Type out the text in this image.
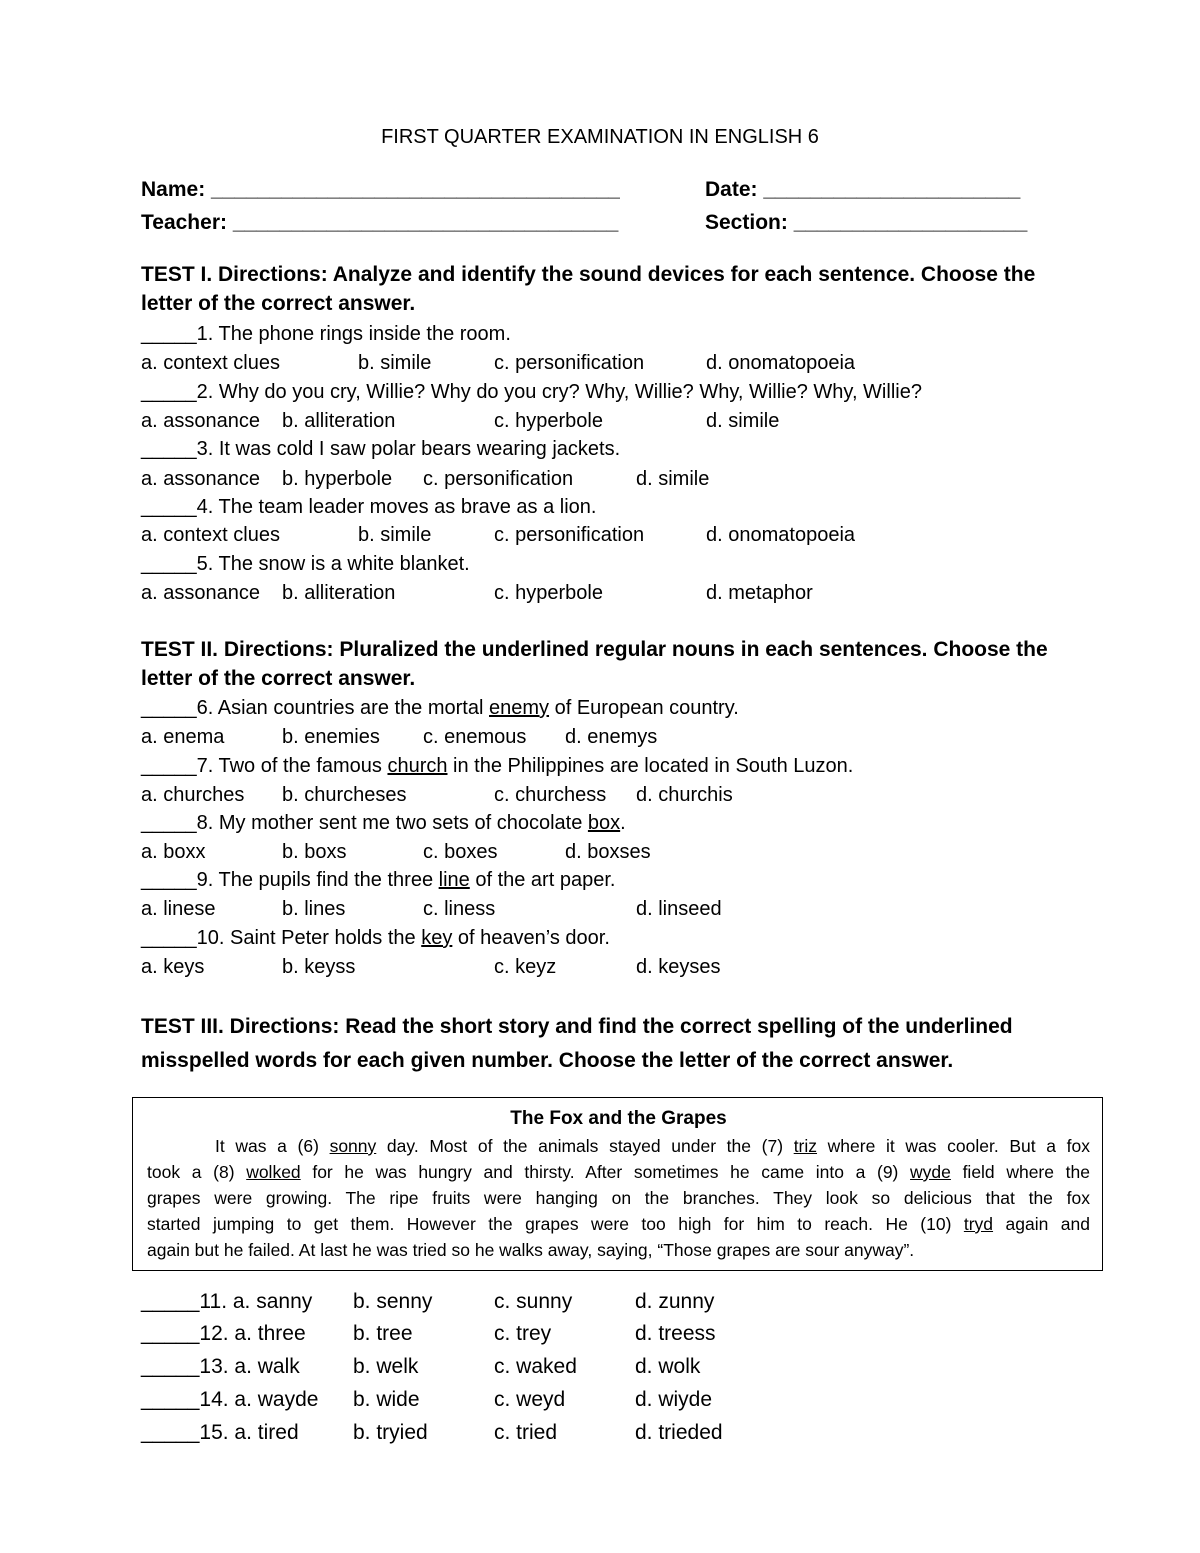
FIRST QUARTER EXAMINATION IN ENGLISH 6
Name: ___________________________________	Date: ______________________
Teacher: _________________________________	Section: ____________________
TEST I. Directions: Analyze and identify the sound devices for each sentence. Choose the
letter of the correct answer.
_____1. The phone rings inside the room.
a. context clues	b. simile	c. personification	d. onomatopoeia
_____2. Why do you cry, Willie? Why do you cry? Why, Willie? Why, Willie? Why, Willie?
a. assonance b. alliteration	c. hyperbole	d. simile
_____3. It was cold I saw polar bears wearing jackets.
a. assonance b. hyperbole c. personification	d. simile
_____4. The team leader moves as brave as a lion.
a. context clues	b. simile	c. personification	d. onomatopoeia
_____5. The snow is a white blanket.
a. assonance b. alliteration	c. hyperbole	d. metaphor
TEST II. Directions: Pluralized the underlined regular nouns in each sentences. Choose the
letter of the correct answer.
_____6. Asian countries are the mortal enemy of European country.
a. enema	b. enemies c. enemous d. enemys
_____7. Two of the famous church in the Philippines are located in South Luzon.
a. churches b. churcheses	c. churchess d. churchis
_____8. My mother sent me two sets of chocolate box.
a. boxx	b. boxs	c. boxes	d. boxses
_____9. The pupils find the three line of the art paper.
a. linese	b. lines	c. liness	d. linseed
_____10. Saint Peter holds the key of heaven’s door.
a. keys	b. keyss	c. keyz	d. keyses
TEST III. Directions: Read the short story and find the correct spelling of the underlined
misspelled words for each given number. Choose the letter of the correct answer.
The Fox and the Grapes
It was a (6) sonny day. Most of the animals stayed under the (7) triz where it was cooler. But a fox
took a (8) wolked for he was hungry and thirsty. After sometimes he came into a (9) wyde field where the
grapes were growing. The ripe fruits were hanging on the branches. They look so delicious that the fox
started jumping to get them. However the grapes were too high for him to reach. He (10) tryd again and
again but he failed. At last he was tried so he walks away, saying, “Those grapes are sour anyway”.
_____11. a. sanny b. senny	c. sunny	d. zunny
_____12. a. three b. tree	c. trey	d. treess
_____13. a. walk	b. welk	c. waked	d. wolk
_____14. a. wayde b. wide	c. weyd	d. wiyde
_____15. a. tired	b. tryied	c. tried	d. trieded
